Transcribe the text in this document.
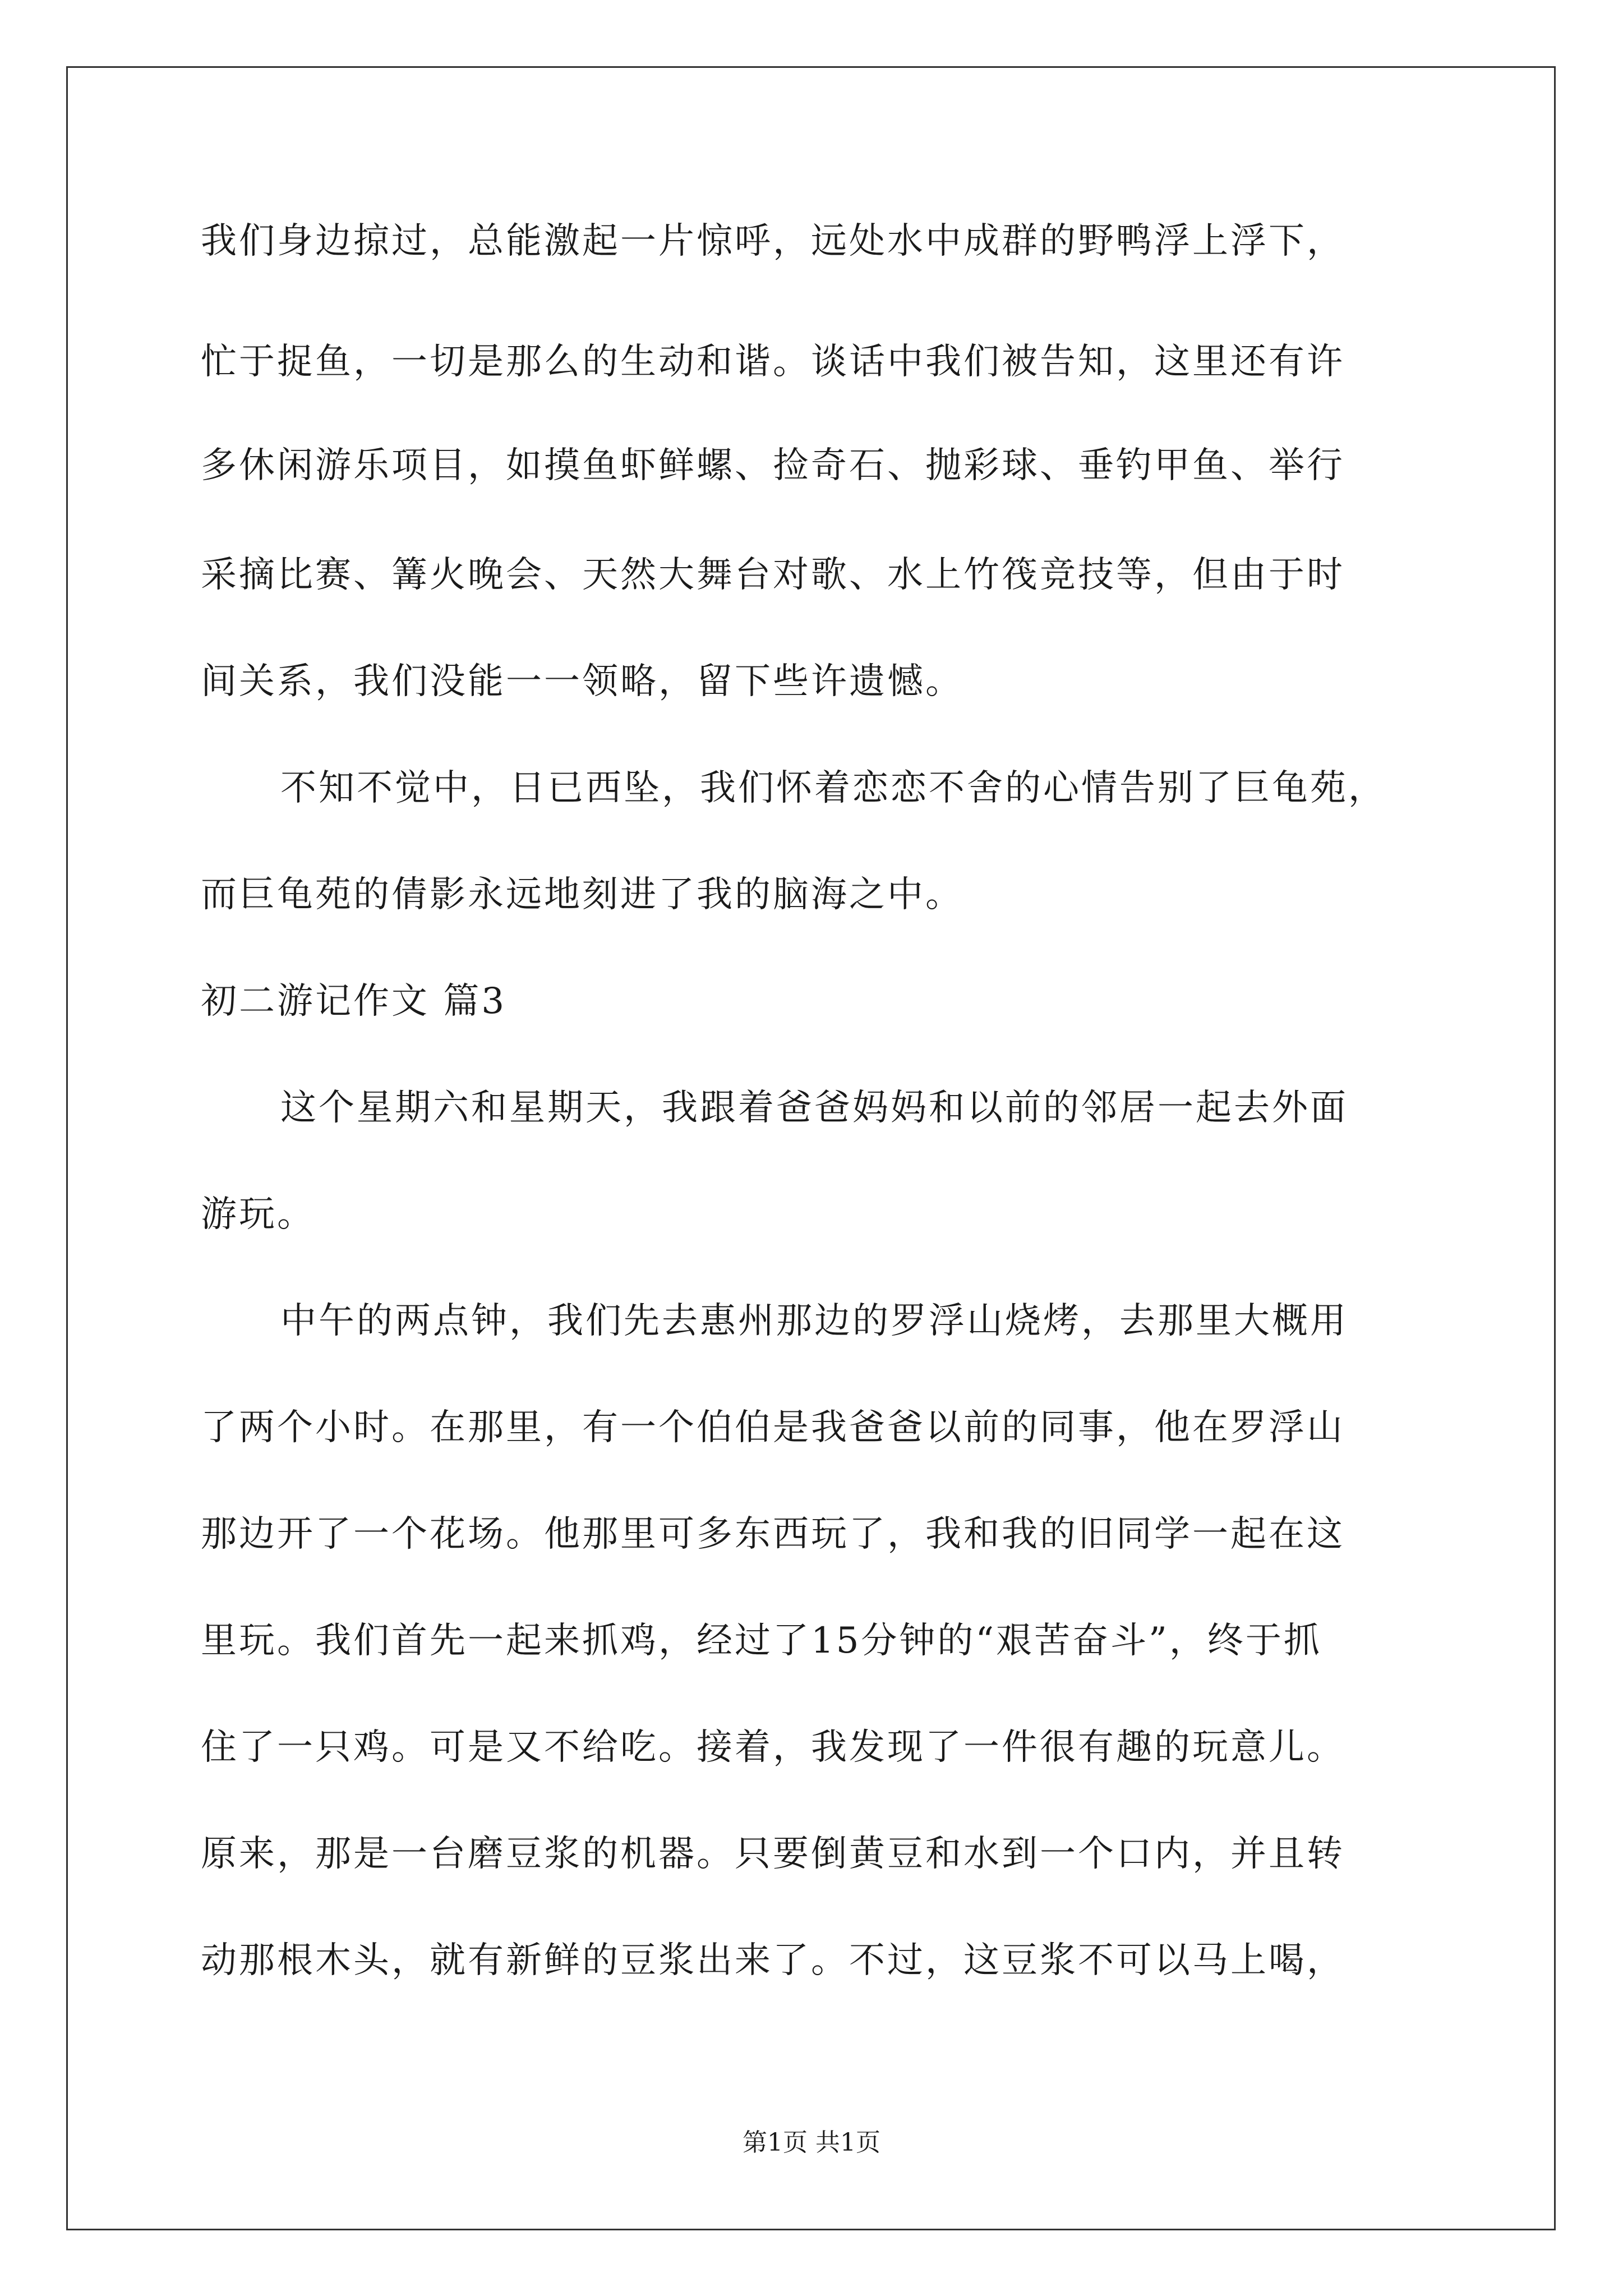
我们身边掠过，总能激起一片惊呼，远处水中成群的野鸭浮上浮下，
忙于捉鱼，一切是那么的生动和谐。谈话中我们被告知，这里还有许
多休闲游乐项目，如摸鱼虾鲜螺、捡奇石、抛彩球、垂钓甲鱼、举行
采摘比赛、篝火晚会、天然大舞台对歌、水上竹筏竞技等，但由于时
间关系，我们没能一一领略，留下些许遗憾。
不知不觉中，日已西坠，我们怀着恋恋不舍的心情告别了巨龟苑，
而巨龟苑的倩影永远地刻进了我的脑海之中。
初二游记作文 篇3
这个星期六和星期天，我跟着爸爸妈妈和以前的邻居一起去外面
游玩。
中午的两点钟，我们先去惠州那边的罗浮山烧烤，去那里大概用
了两个小时。在那里，有一个伯伯是我爸爸以前的同事，他在罗浮山
那边开了一个花场。他那里可多东西玩了，我和我的旧同学一起在这
里玩。我们首先一起来抓鸡，经过了15分钟的“艰苦奋斗”，终于抓
住了一只鸡。可是又不给吃。接着，我发现了一件很有趣的玩意儿。
原来，那是一台磨豆浆的机器。只要倒黄豆和水到一个口内，并且转
动那根木头，就有新鲜的豆浆出来了。不过，这豆浆不可以马上喝，
第1页 共1页
